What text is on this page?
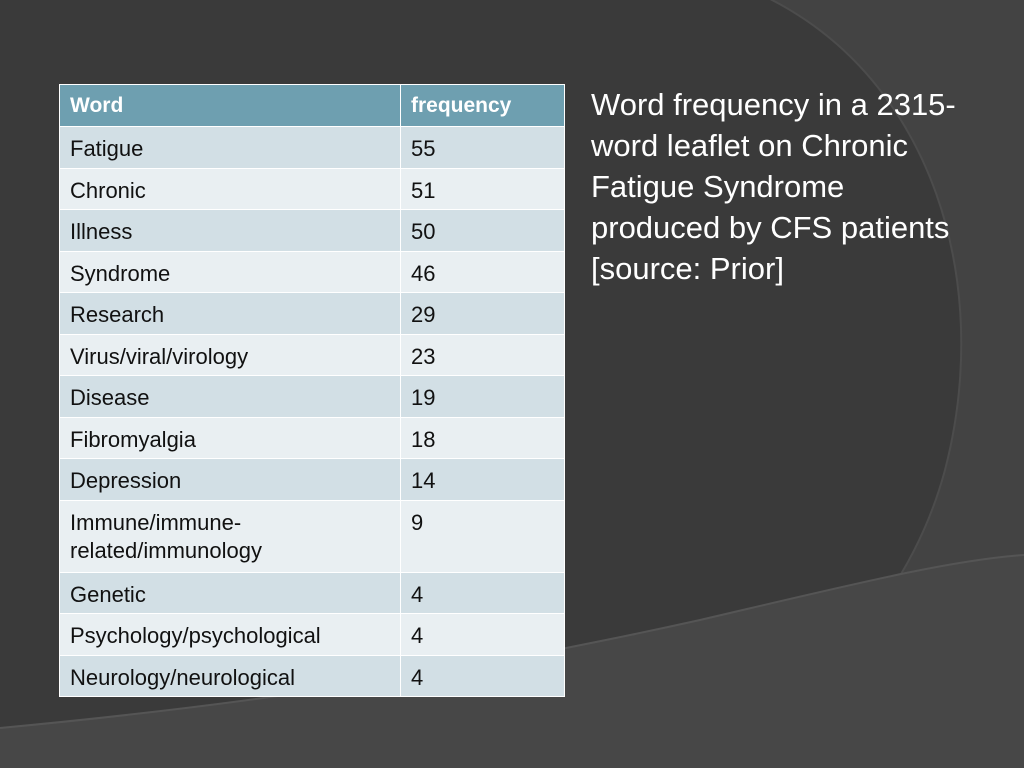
Word	frequency
Fatigue	55
Chronic	51
Illness	50
Syndrome	46
Research	29
Virus/viral/virology	23
Disease	19
Fibromyalgia	18
Depression	14
Immune/immune-related/immunology	9
Genetic	4
Psychology/psychological	4
Neurology/neurological	4

Word frequency in a 2315-word leaflet on Chronic Fatigue Syndrome produced by CFS patients [source: Prior]
